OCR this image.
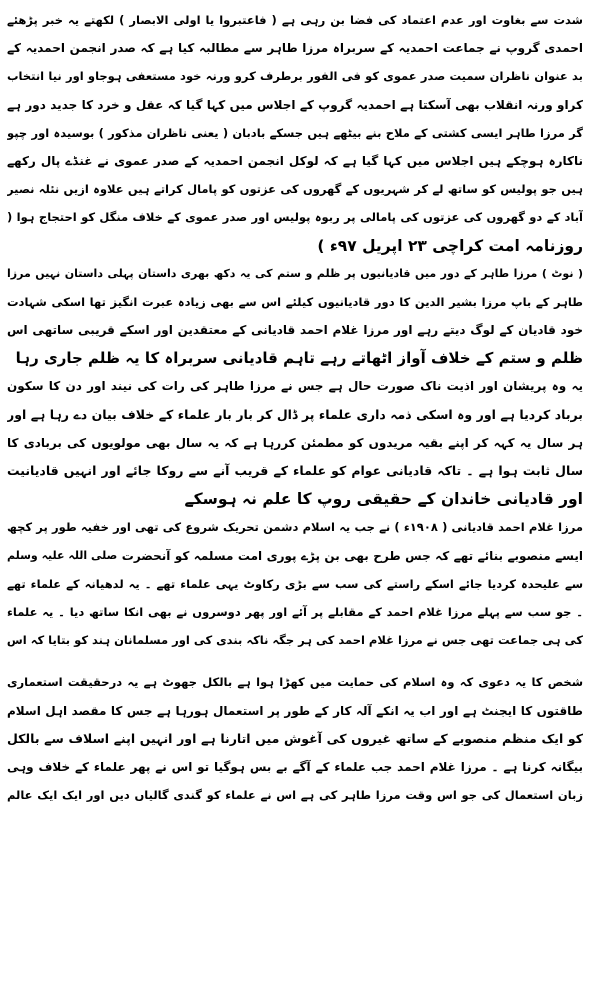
شدت سے بغاوت اور عدم اعتماد کی فضا بن رہی ہے ( فاعتبروا یا اولی الابصار ) لکھتے یہ خبر پڑھئے
احمدی گروپ نے جماعت احمدیہ کے سربراہ مرزا طاہر سے مطالبہ کیا ہے کہ صدر انجمن احمدیہ کے
بد عنوان ناظران سمیت صدر عموی کو فی الفور برطرف کرو ورنہ خود مستعفی ہوجاو اور نیا انتخاب
کراو ورنہ انقلاب بھی آسکتا ہے احمدیہ گروپ کے اجلاس میں کہا گیا کہ عقل و خرد کا جدید دور ہے
گر مرزا طاہر ایسی کشتی کے ملاح بنے بیٹھے ہیں جسکے بادبان ( یعنی ناظران مذکور ) بوسیدہ اور چپو
ناکارہ ہوچکے ہیں اجلاس میں کہا گیا ہے کہ لوکل انجمن احمدیہ کے صدر عموی نے غنڈے پال رکھے
ہیں جو پولیس کو ساتھ لے کر شہریوں کے گھروں کی عزتوں کو پامال کراتے ہیں علاوہ ازیں نئلہ نصیر
آباد کے دو گھروں کی عزتوں کی پامالی پر ربوہ پولیس اور صدر عموی کے خلاف منگل کو احتجاج ہوا (
روزنامہ امت کراچی ۲۳ اپریل ۹۷ء )
( نوٹ ) مرزا طاہر کے دور میں قادیانیوں پر ظلم و ستم کی یہ دکھ بھری داستان پہلی داستان نہیں مرزا
طاہر کے باپ مرزا بشیر الدین کا دور قادیانیوں کیلئے اس سے بھی زیادہ عبرت انگیز تھا اسکی شہادت
خود قادیان کے لوگ دیتے رہے اور مرزا غلام احمد قادیانی کے معتقدین اور اسکے قریبی ساتھی اس
ظلم و ستم کے خلاف آواز اٹھاتے رہے تاہم قادیانی سربراہ کا یہ ظلم جاری رہا
یہ وہ پریشان اور اذیت ناک صورت حال ہے جس نے مرزا طاہر کی رات کی نیند اور دن کا سکون
برباد کردیا ہے اور وہ اسکی ذمہ داری علماء پر ڈال کر بار بار علماء کے خلاف بیان دے رہا ہے اور
ہر سال یہ کہہ کر اپنے بقیہ مریدوں کو مطمئن کررہا ہے کہ یہ سال بھی مولویوں کی بربادی کا
سال ثابت ہوا ہے ۔ تاکہ قادیانی عوام کو علماء کے قریب آنے سے روکا جائے اور انہیں قادیانیت
اور قادیانی خاندان کے حقیقی روپ کا علم نہ ہوسکے
مرزا غلام احمد قادیانی ( ۱۹۰۸ء ) نے جب یہ اسلام دشمن تحریک شروع کی تھی اور خفیہ طور پر کچھ
ایسے منصوبے بنائے تھے کہ جس طرح بھی بن پڑے پوری امت مسلمہ کو آنحضرت صلی اللہ علیہ وسلم
سے علیحدہ کردیا جائے اسکے راستے کی سب سے بڑی رکاوٹ یہی علماء تھے ۔ یہ لدھیانہ کے علماء تھے
۔ جو سب سے پہلے مرزا غلام احمد کے مقابلے پر آئے اور پھر دوسروں نے بھی انکا ساتھ دیا ۔ یہ علماء
کی ہی جماعت تھی جس نے مرزا غلام احمد کی ہر جگہ ناکہ بندی کی اور مسلمانان ہند کو بتایا کہ اس
شخص کا یہ دعوی کہ وہ اسلام کی حمایت میں کھڑا ہوا ہے بالکل جھوٹ ہے یہ درحقیقت استعماری
طاقتوں کا ایجنٹ ہے اور اب یہ انکے آلہ کار کے طور پر استعمال ہورہا ہے جس کا مقصد اہل اسلام
کو ایک منظم منصوبے کے ساتھ غیروں کی آغوش میں اتارنا ہے اور انہیں اپنے اسلاف سے بالکل
بیگانہ کرنا ہے ۔ مرزا غلام احمد جب علماء کے آگے بے بس ہوگیا تو اس نے پھر علماء کے خلاف وہی
زبان استعمال کی جو اس وقت مرزا طاہر کی ہے اس نے علماء کو گندی گالیاں دیں اور ایک ایک عالم
